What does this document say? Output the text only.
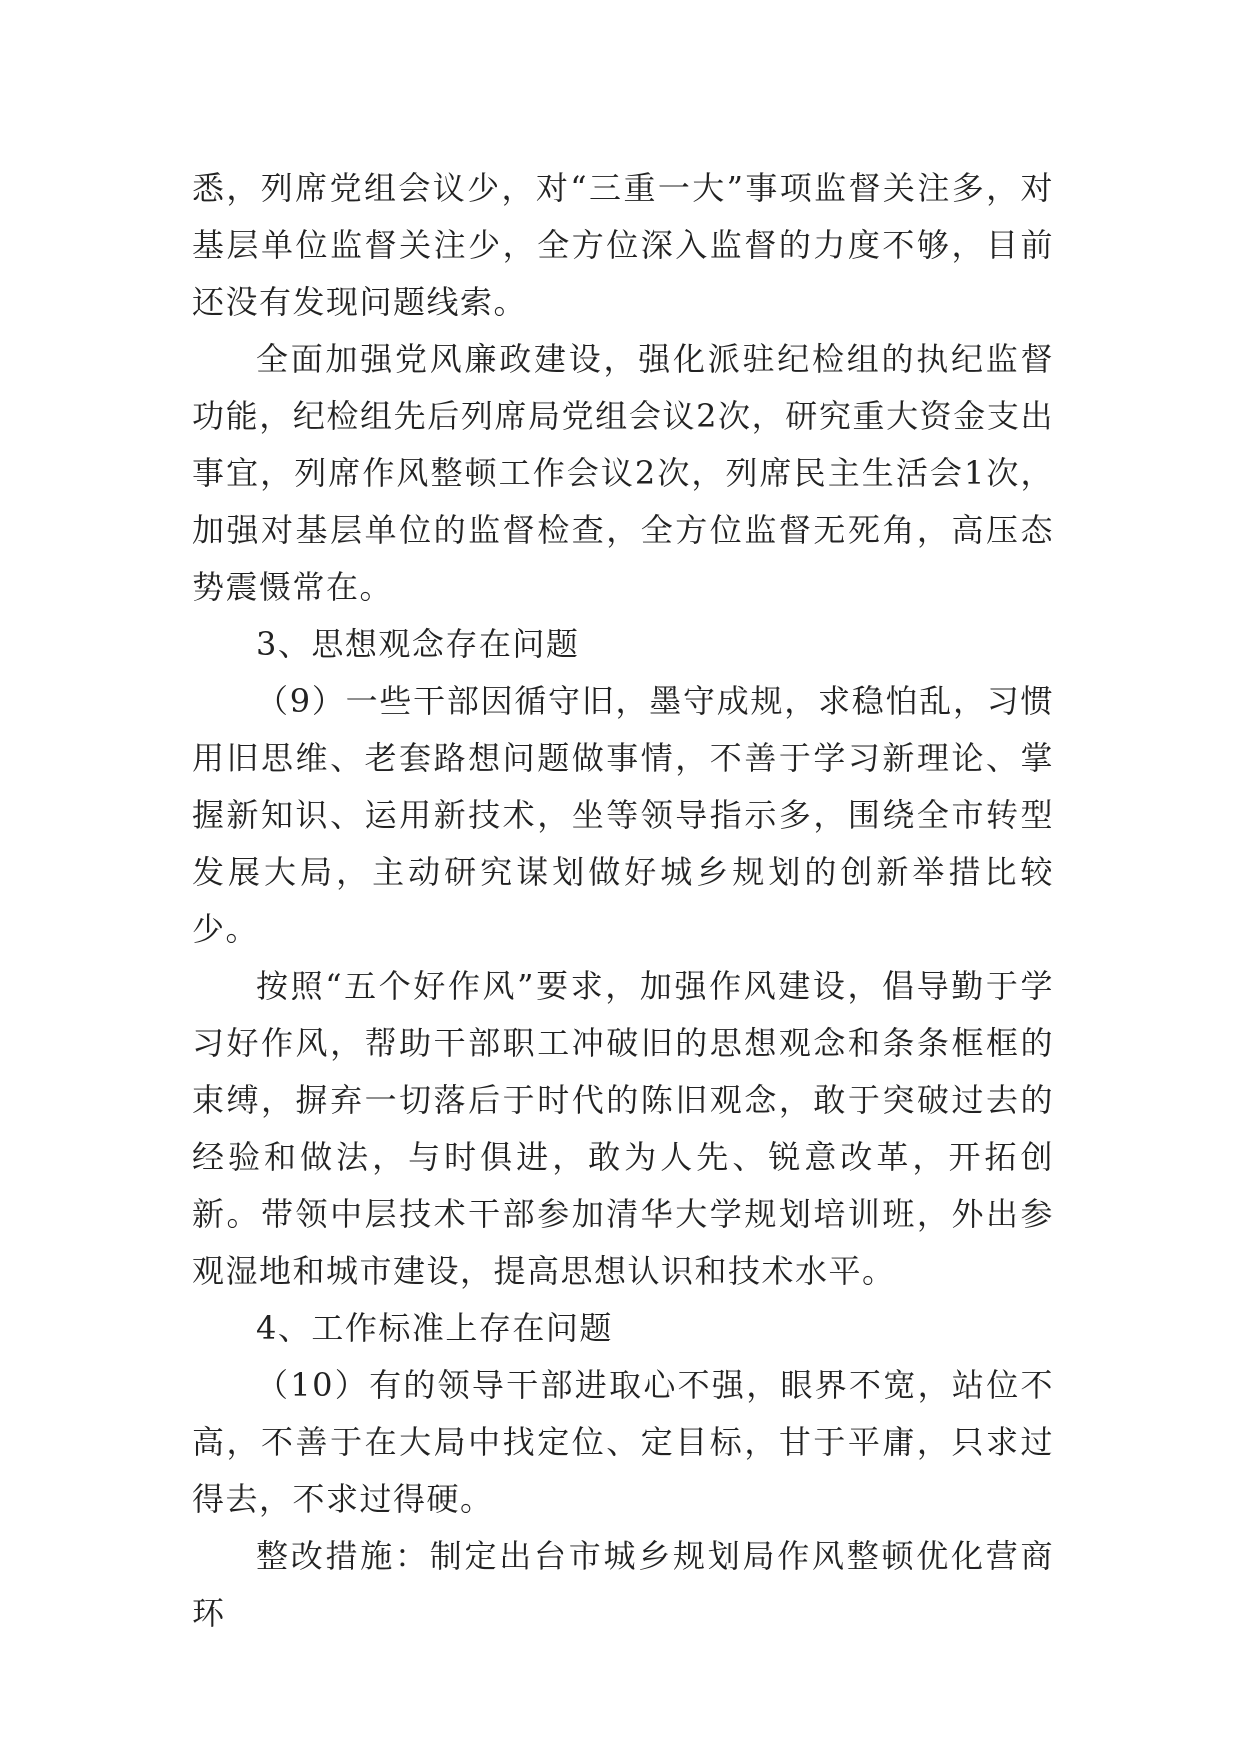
悉，列席党组会议少，对“三重一大”事项监督关注多，对基层单位监督关注少，全方位深入监督的力度不够，目前还没有发现问题线索。

全面加强党风廉政建设，强化派驻纪检组的执纪监督功能，纪检组先后列席局党组会议2次，研究重大资金支出事宜，列席作风整顿工作会议2次，列席民主生活会1次，加强对基层单位的监督检查，全方位监督无死角，高压态势震慑常在。

3、思想观念存在问题

（9）一些干部因循守旧，墨守成规，求稳怕乱，习惯用旧思维、老套路想问题做事情，不善于学习新理论、掌握新知识、运用新技术，坐等领导指示多，围绕全市转型发展大局，主动研究谋划做好城乡规划的创新举措比较少。

按照“五个好作风”要求，加强作风建设，倡导勤于学习好作风，帮助干部职工冲破旧的思想观念和条条框框的束缚，摒弃一切落后于时代的陈旧观念，敢于突破过去的经验和做法，与时俱进，敢为人先、锐意改革，开拓创新。带领中层技术干部参加清华大学规划培训班，外出参观湿地和城市建设，提高思想认识和技术水平。

4、工作标准上存在问题

（10）有的领导干部进取心不强，眼界不宽，站位不高，不善于在大局中找定位、定目标，甘于平庸，只求过得去，不求过得硬。

整改措施：制定出台市城乡规划局作风整顿优化营商环
